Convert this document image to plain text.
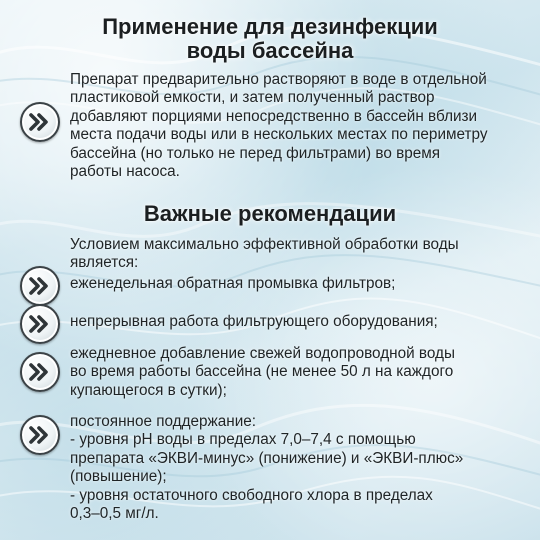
Применение для дезинфекции
воды бассейна
Препарат предварительно растворяют в воде в отдельной
пластиковой емкости, и затем полученный раствор
добавляют порциями непосредственно в бассейн вблизи
места подачи воды или в нескольких местах по периметру
бассейна (но только не перед фильтрами) во время
работы насоса.
Важные рекомендации
Условием максимально эффективной обработки воды
является:
еженедельная обратная промывка фильтров;
непрерывная работа фильтрующего оборудования;
ежедневное добавление свежей водопроводной воды
во время работы бассейна (не менее 50 л на каждого
купающегося в сутки);
постоянное поддержание:
- уровня pH воды в пределах 7,0–7,4 с помощью
препарата «ЭКВИ-минус» (понижение) и «ЭКВИ-плюс»
(повышение);
- уровня остаточного свободного хлора в пределах
0,3–0,5 мг/л.
